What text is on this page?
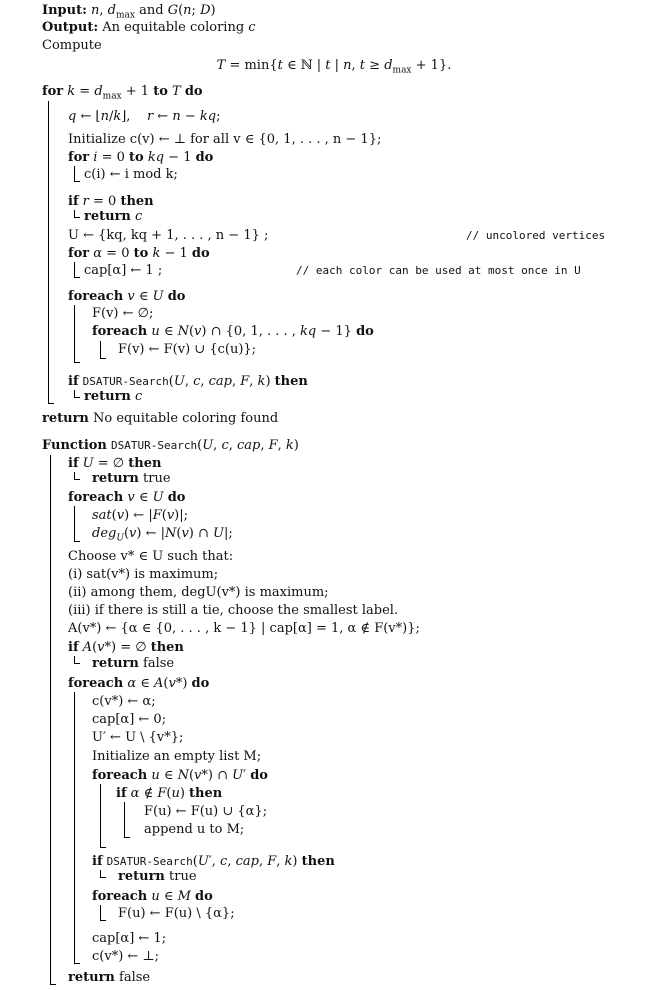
Input: n, $d_{max}$ and G(n; D)
Output: An equitable coloring c
Compute
T = min{t ∈ ℕ | t | n, $t \ge d_{max} + 1$}.
for $k = d_{max} + 1$ to T do
q ← ⌊n/k⌋,    r ← n − kq;
Initialize c(v) ← ⊥ for all v ∈ {0, 1, . . . , n − 1};
for i = 0 to kq − 1 do
c(i) ← i mod k;
if r = 0 then
return c
U ← {kq, kq + 1, . . . , n − 1} ;	// uncolored vertices
for α = 0 to k − 1 do
cap[α] ← 1 ;	// each color can be used at most once in U
foreach v ∈ U do
F(v) ← ∅;
foreach u ∈ N(v) ∩ {0, 1, . . . , kq − 1} do
F(v) ← F(v) ∪ {c(u)};
if DSATUR-Search(U, c, cap, F, k) then
return c
return No equitable coloring found
Function DSATUR-Search(U, c, cap, F, k)
if U = ∅ then
return true
foreach v ∈ U do
sat(v) ← |F(v)|;
deg$_U$(v) ← |N(v) ∩ U|;
Choose v* ∈ U such that:
(i) sat(v*) is maximum;
(ii) among them, degU(v*) is maximum;
(iii) if there is still a tie, choose the smallest label.
A(v*) ← {α ∈ {0, . . . , k − 1} | cap[α] = 1, α ∉ F(v*)};
if A(v*) = ∅ then
return false
foreach α ∈ A(v*) do
c(v*) ← α;
cap[α] ← 0;
U′ ← U \ {v*};
Initialize an empty list M;
foreach u ∈ N(v*) ∩ U′ do
if α ∉ F(u) then
F(u) ← F(u) ∪ {α};
append u to M;
if DSATUR-Search(U′, c, cap, F, k) then
return true
foreach u ∈ M do
F(u) ← F(u) \ {α};
cap[α] ← 1;
c(v*) ← ⊥;
return false
